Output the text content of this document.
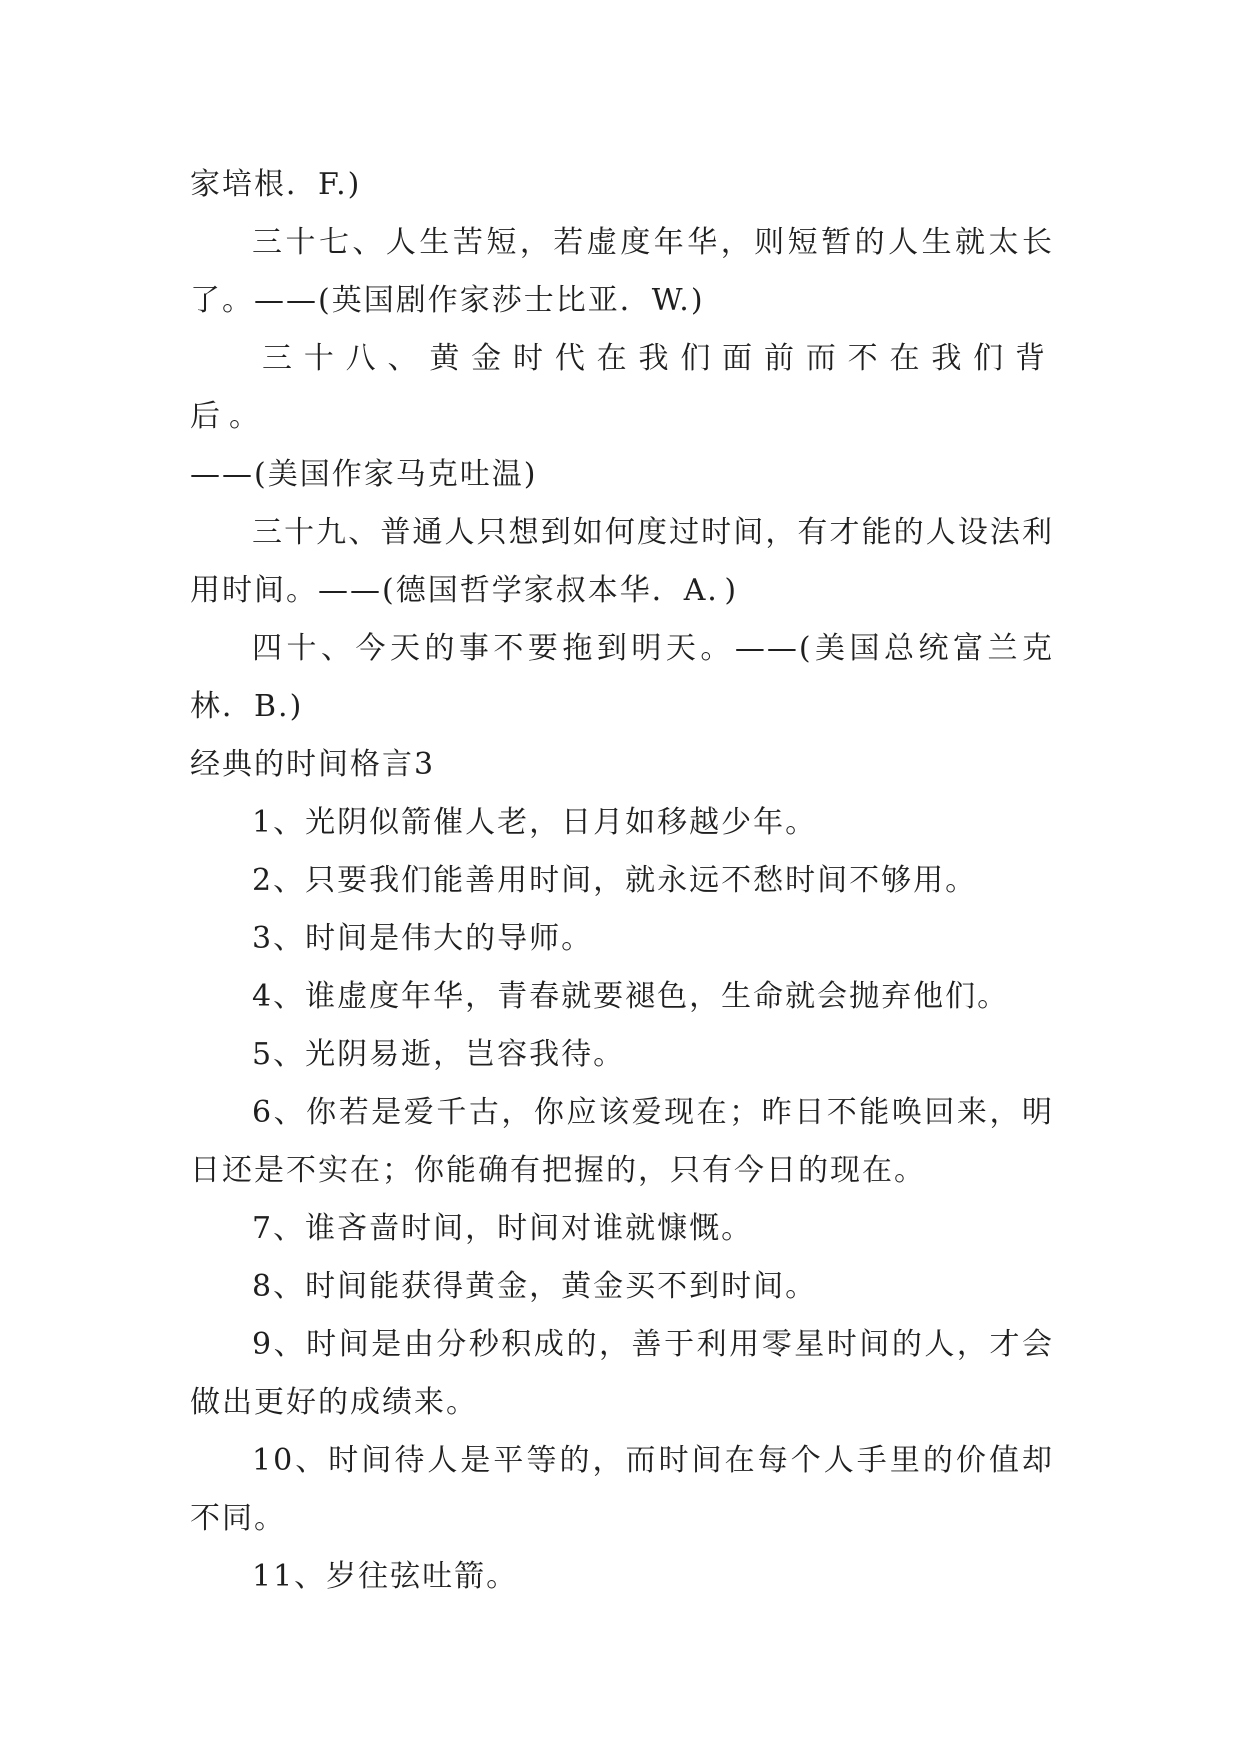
家培根．F.)

三十七、人生苦短，若虚度年华，则短暂的人生就太长了。——(英国剧作家莎士比亚．W.)

三十八、黄金时代在我们面前而不在我们背后。

——(美国作家马克吐温)

三十九、普通人只想到如何度过时间，有才能的人设法利用时间。——(德国哲学家叔本华．A．)

四十、今天的事不要拖到明天。——(美国总统富兰克林．B.)

经典的时间格言3

1、光阴似箭催人老，日月如移越少年。

2、只要我们能善用时间，就永远不愁时间不够用。

3、时间是伟大的导师。

4、谁虚度年华，青春就要褪色，生命就会抛弃他们。

5、光阴易逝，岂容我待。

6、你若是爱千古，你应该爱现在；昨日不能唤回来，明日还是不实在；你能确有把握的，只有今日的现在。

7、谁吝啬时间，时间对谁就慷慨。

8、时间能获得黄金，黄金买不到时间。

9、时间是由分秒积成的，善于利用零星时间的人，才会做出更好的成绩来。

10、时间待人是平等的，而时间在每个人手里的价值却不同。

11、岁往弦吐箭。
